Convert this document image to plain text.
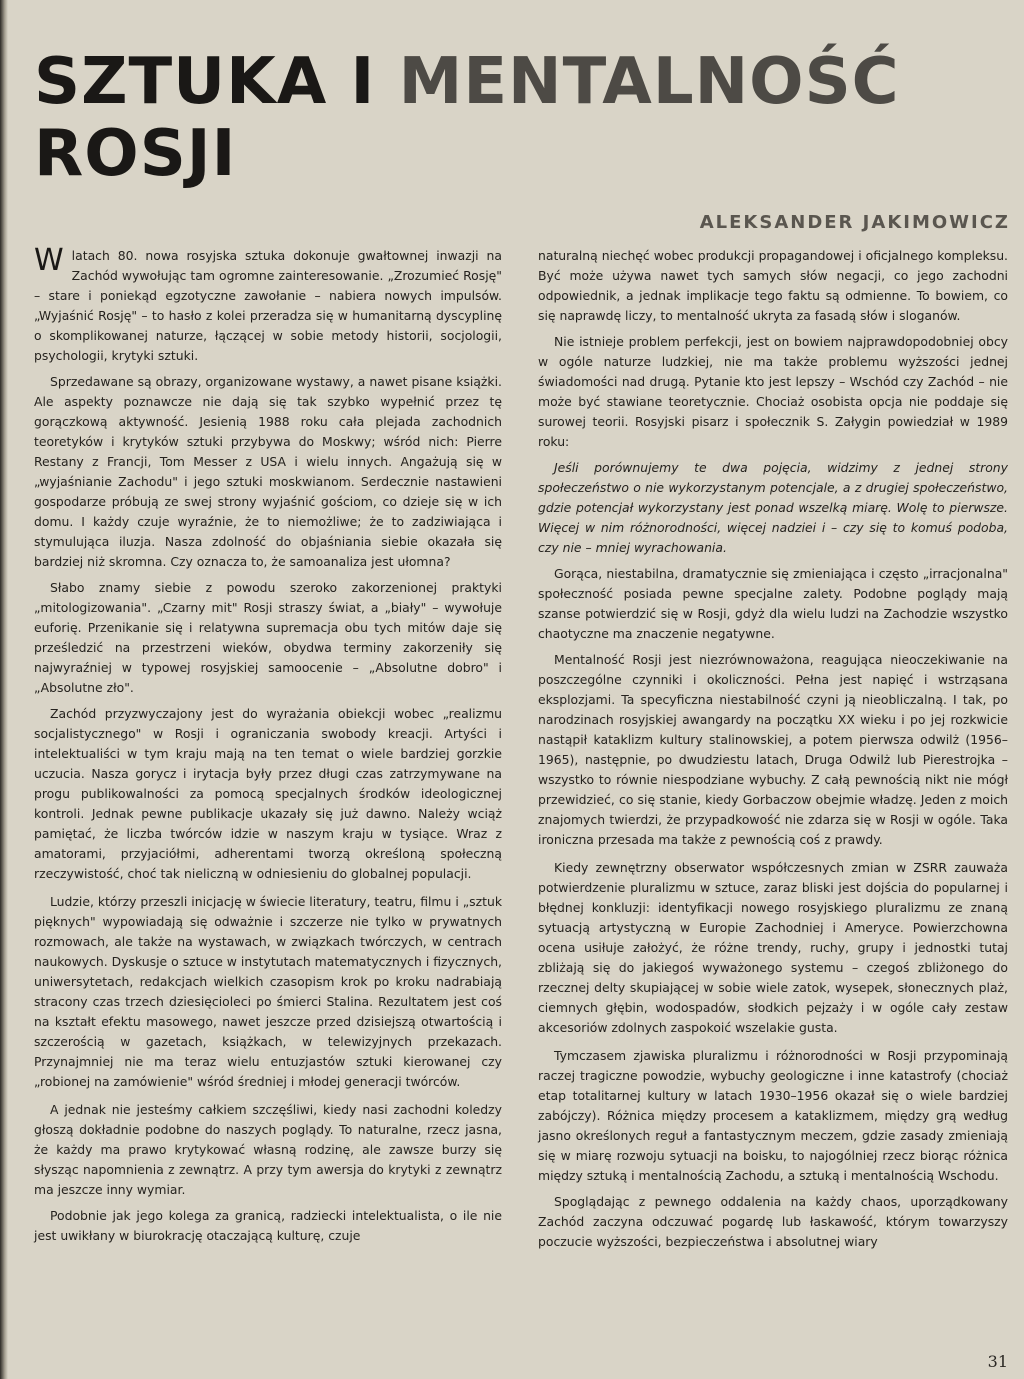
SZTUKA I MENTALNOŚĆ
ROSJI

ALEKSANDER JAKIMOWICZ

Wlatach 80. nowa rosyjska sztuka dokonuje gwałtownej inwazji na Zachód wywołując tam ogromne zainteresowanie. „Zrozumieć Rosję" – stare i poniekąd egzotyczne zawołanie – nabiera nowych impulsów. „Wyjaśnić Rosję" – to hasło z kolei przeradza się w humanitarną dyscyplinę o skomplikowanej naturze, łączącej w sobie metody historii, socjologii, psychologii, krytyki sztuki.

Sprzedawane są obrazy, organizowane wystawy, a nawet pisane książki. Ale aspekty poznawcze nie dają się tak szybko wypełnić przez tę gorączkową aktywność. Jesienią 1988 roku cała plejada zachodnich teoretyków i krytyków sztuki przybywa do Moskwy; wśród nich: Pierre Restany z Francji, Tom Messer z USA i wielu innych. Angażują się w „wyjaśnianie Zachodu" i jego sztuki moskwianom. Serdecznie nastawieni gospodarze próbują ze swej strony wyjaśnić gościom, co dzieje się w ich domu. I każdy czuje wyraźnie, że to niemożliwe; że to zadziwiająca i stymulująca iluzja. Nasza zdolność do objaśniania siebie okazała się bardziej niż skromna. Czy oznacza to, że samoanaliza jest ułomna?

Słabo znamy siebie z powodu szeroko zakorzenionej praktyki „mitologizowania". „Czarny mit" Rosji straszy świat, a „biały" – wywołuje euforię. Przenikanie się i relatywna supremacja obu tych mitów daje się prześledzić na przestrzeni wieków, obydwa terminy zakorzeniły się najwyraźniej w typowej rosyjskiej samoocenie – „Absolutne dobro" i „Absolutne zło".

Zachód przyzwyczajony jest do wyrażania obiekcji wobec „realizmu socjalistycznego" w Rosji i ograniczania swobody kreacji. Artyści i intelektualiści w tym kraju mają na ten temat o wiele bardziej gorzkie uczucia. Nasza gorycz i irytacja były przez długi czas zatrzymywane na progu publikowalności za pomocą specjalnych środków ideologicznej kontroli. Jednak pewne publikacje ukazały się już dawno. Należy wciąż pamiętać, że liczba twórców idzie w naszym kraju w tysiące. Wraz z amatorami, przyjaciółmi, adherentami tworzą określoną społeczną rzeczywistość, choć tak nieliczną w odniesieniu do globalnej populacji.

Ludzie, którzy przeszli inicjację w świecie literatury, teatru, filmu i „sztuk pięknych" wypowiadają się odważnie i szczerze nie tylko w prywatnych rozmowach, ale także na wystawach, w związkach twórczych, w centrach naukowych. Dyskusje o sztuce w instytutach matematycznych i fizycznych, uniwersytetach, redakcjach wielkich czasopism krok po kroku nadrabiają stracony czas trzech dziesięcioleci po śmierci Stalina. Rezultatem jest coś na kształt efektu masowego, nawet jeszcze przed dzisiejszą otwartością i szczerością w gazetach, książkach, w telewizyjnych przekazach. Przynajmniej nie ma teraz wielu entuzjastów sztuki kierowanej czy „robionej na zamówienie" wśród średniej i młodej generacji twórców.

A jednak nie jesteśmy całkiem szczęśliwi, kiedy nasi zachodni koledzy głoszą dokładnie podobne do naszych poglądy. To naturalne, rzecz jasna, że każdy ma prawo krytykować własną rodzinę, ale zawsze burzy się słysząc napomnienia z zewnątrz. A przy tym awersja do krytyki z zewnątrz ma jeszcze inny wymiar.

Podobnie jak jego kolega za granicą, radziecki intelektualista, o ile nie jest uwikłany w biurokrację otaczającą kulturę, czuje

naturalną niechęć wobec produkcji propagandowej i oficjalnego kompleksu. Być może używa nawet tych samych słów negacji, co jego zachodni odpowiednik, a jednak implikacje tego faktu są odmienne. To bowiem, co się naprawdę liczy, to mentalność ukryta za fasadą słów i sloganów.

Nie istnieje problem perfekcji, jest on bowiem najprawdopodobniej obcy w ogóle naturze ludzkiej, nie ma także problemu wyższości jednej świadomości nad drugą. Pytanie kto jest lepszy – Wschód czy Zachód – nie może być stawiane teoretycznie. Chociaż osobista opcja nie poddaje się surowej teorii. Rosyjski pisarz i społecznik S. Załygin powiedział w 1989 roku:

Jeśli porównujemy te dwa pojęcia, widzimy z jednej strony społeczeństwo o nie wykorzystanym potencjale, a z drugiej społeczeństwo, gdzie potencjał wykorzystany jest ponad wszelką miarę. Wolę to pierwsze. Więcej w nim różnorodności, więcej nadziei i – czy się to komuś podoba, czy nie – mniej wyrachowania.

Gorąca, niestabilna, dramatycznie się zmieniająca i często „irracjonalna" społeczność posiada pewne specjalne zalety. Podobne poglądy mają szanse potwierdzić się w Rosji, gdyż dla wielu ludzi na Zachodzie wszystko chaotyczne ma znaczenie negatywne.

Mentalność Rosji jest niezrównoważona, reagująca nieoczekiwanie na poszczególne czynniki i okoliczności. Pełna jest napięć i wstrząsana eksplozjami. Ta specyficzna niestabilność czyni ją nieobliczalną. I tak, po narodzinach rosyjskiej awangardy na początku XX wieku i po jej rozkwicie nastąpił kataklizm kultury stalinowskiej, a potem pierwsza odwilż (1956–1965), następnie, po dwudziestu latach, Druga Odwilż lub Pierestrojka – wszystko to równie niespodziane wybuchy. Z całą pewnością nikt nie mógł przewidzieć, co się stanie, kiedy Gorbaczow obejmie władzę. Jeden z moich znajomych twierdzi, że przypadkowość nie zdarza się w Rosji w ogóle. Taka ironiczna przesada ma także z pewnością coś z prawdy.

Kiedy zewnętrzny obserwator współczesnych zmian w ZSRR zauważa potwierdzenie pluralizmu w sztuce, zaraz bliski jest dojścia do popularnej i błędnej konkluzji: identyfikacji nowego rosyjskiego pluralizmu ze znaną sytuacją artystyczną w Europie Zachodniej i Ameryce. Powierzchowna ocena usiłuje założyć, że różne trendy, ruchy, grupy i jednostki tutaj zbliżają się do jakiegoś wyważonego systemu – czegoś zbliżonego do rzecznej delty skupiającej w sobie wiele zatok, wysepek, słonecznych plaż, ciemnych głębin, wodospadów, słodkich pejzaży i w ogóle cały zestaw akcesoriów zdolnych zaspokoić wszelakie gusta.

Tymczasem zjawiska pluralizmu i różnorodności w Rosji przypominają raczej tragiczne powodzie, wybuchy geologiczne i inne katastrofy (chociaż etap totalitarnej kultury w latach 1930–1956 okazał się o wiele bardziej zabójczy). Różnica między procesem a kataklizmem, między grą według jasno określonych reguł a fantastycznym meczem, gdzie zasady zmieniają się w miarę rozwoju sytuacji na boisku, to najogólniej rzecz biorąc różnica między sztuką i mentalnością Zachodu, a sztuką i mentalnością Wschodu.

Spoglądając z pewnego oddalenia na każdy chaos, uporządkowany Zachód zaczyna odczuwać pogardę lub łaskawość, którym towarzyszy poczucie wyższości, bezpieczeństwa i absolutnej wiary

31
